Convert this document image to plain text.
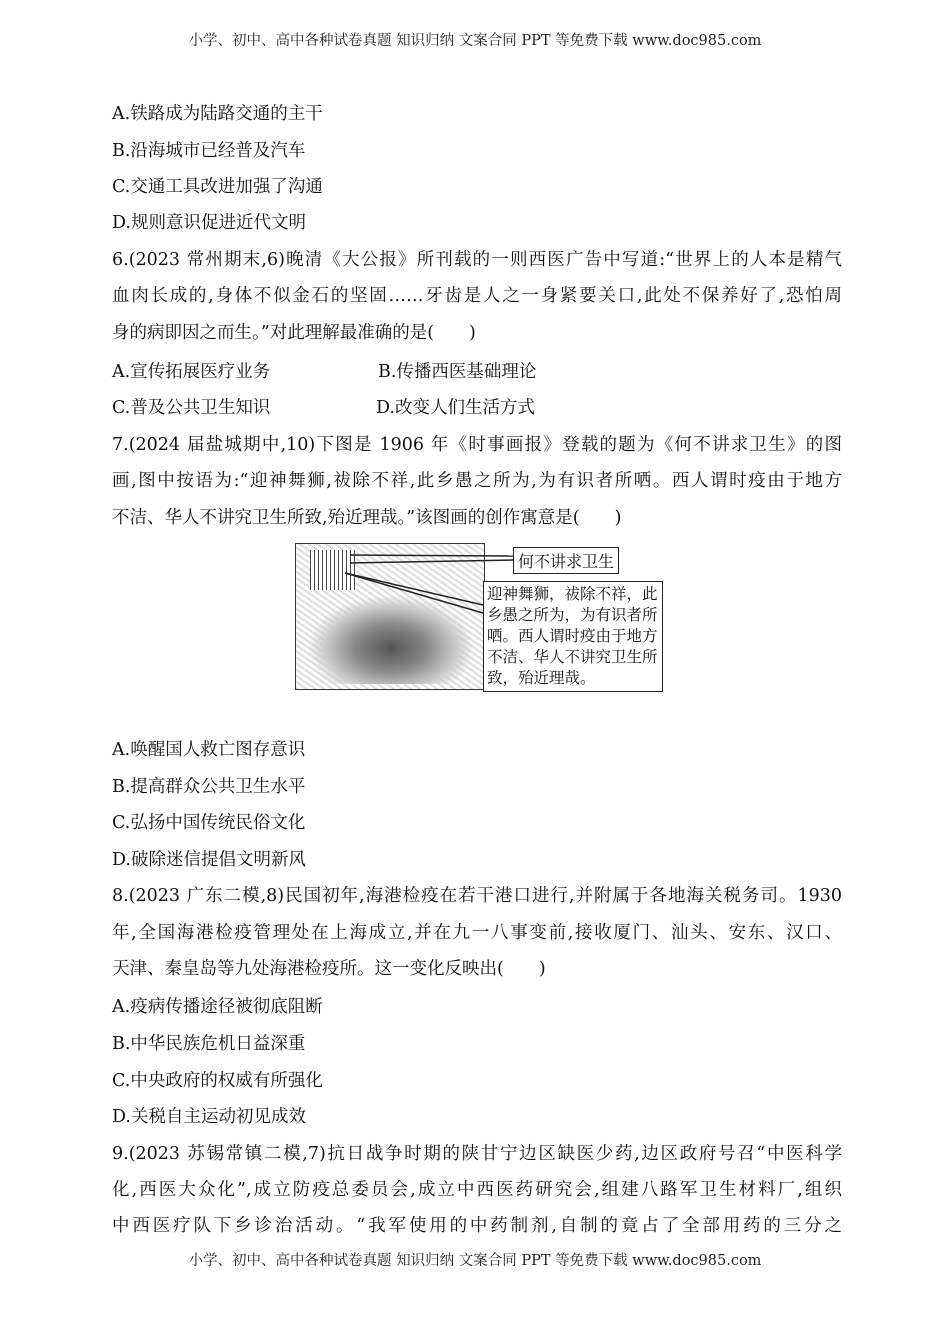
小学、初中、高中各种试卷真题 知识归纳 文案合同 PPT 等免费下载 www.doc985.com
A.铁路成为陆路交通的主干
B.沿海城市已经普及汽车
C.交通工具改进加强了沟通
D.规则意识促进近代文明
6.(2023 常州期末,6)晚清《大公报》所刊载的一则西医广告中写道:“世界上的人本是精气
血肉长成的,身体不似金石的坚固……牙齿是人之一身紧要关口,此处不保养好了,恐怕周
身的病即因之而生。”对此理解最准确的是(　　)
A.宣传拓展医疗业务	B.传播西医基础理论
C.普及公共卫生知识	D.改变人们生活方式
7.(2024 届盐城期中,10)下图是 1906 年《时事画报》登载的题为《何不讲求卫生》的图
画,图中按语为:“迎神舞狮,祓除不祥,此乡愚之所为,为有识者所哂。西人谓时疫由于地方
不洁、华人不讲究卫生所致,殆近理哉。”该图画的创作寓意是(　　)
何不讲求卫生
迎神舞狮，祓除不祥，此乡愚之所为，为有识者所哂。西人谓时疫由于地方不洁、华人不讲究卫生所致，殆近理哉。
A.唤醒国人救亡图存意识
B.提高群众公共卫生水平
C.弘扬中国传统民俗文化
D.破除迷信提倡文明新风
8.(2023 广东二模,8)民国初年,海港检疫在若干港口进行,并附属于各地海关税务司。1930
年,全国海港检疫管理处在上海成立,并在九一八事变前,接收厦门、汕头、安东、汉口、
天津、秦皇岛等九处海港检疫所。这一变化反映出(　　)
A.疫病传播途径被彻底阻断
B.中华民族危机日益深重
C.中央政府的权威有所强化
D.关税自主运动初见成效
9.(2023 苏锡常镇二模,7)抗日战争时期的陕甘宁边区缺医少药,边区政府号召“中医科学
化,西医大众化”,成立防疫总委员会,成立中西医药研究会,组建八路军卫生材料厂,组织
中西医疗队下乡诊治活动。“我军使用的中药制剂,自制的竟占了全部用药的三分之
小学、初中、高中各种试卷真题 知识归纳 文案合同 PPT 等免费下载 www.doc985.com
